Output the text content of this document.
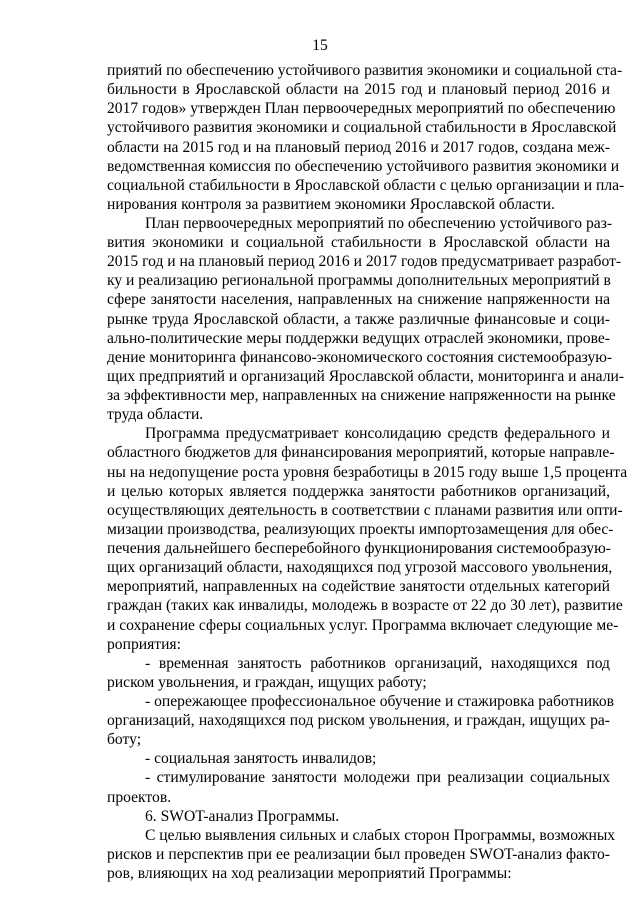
15
приятий по обеспечению устойчивого развития экономики и социальной ста-
бильности в Ярославской области на 2015 год и плановый период 2016 и
2017 годов» утвержден План первоочередных мероприятий по обеспечению
устойчивого развития экономики и социальной стабильности в Ярославской
области на 2015 год и на плановый период 2016 и 2017 годов, создана меж-
ведомственная комиссия по обеспечению устойчивого развития экономики и
социальной стабильности в Ярославской области с целью организации и пла-
нирования контроля за развитием экономики Ярославской области.
План первоочередных мероприятий по обеспечению устойчивого раз-
вития экономики и социальной стабильности в Ярославской области на
2015 год и на плановый период 2016 и 2017 годов предусматривает разработ-
ку и реализацию региональной программы дополнительных мероприятий в
сфере занятости населения, направленных на снижение напряженности на
рынке труда Ярославской области, а также различные финансовые и соци-
ально-политические меры поддержки ведущих отраслей экономики, прове-
дение мониторинга финансово-экономического состояния системообразую-
щих предприятий и организаций Ярославской области, мониторинга и анали-
за эффективности мер, направленных на снижение напряженности на рынке
труда области.
Программа предусматривает консолидацию средств федерального и
областного бюджетов для финансирования мероприятий, которые направле-
ны на недопущение роста уровня безработицы в 2015 году выше 1,5 процента
и целью которых является поддержка занятости работников организаций,
осуществляющих деятельность в соответствии с планами развития или опти-
мизации производства, реализующих проекты импортозамещения для обес-
печения дальнейшего бесперебойного функционирования системообразую-
щих организаций области, находящихся под угрозой массового увольнения,
мероприятий, направленных на содействие занятости отдельных категорий
граждан (таких как инвалиды, молодежь в возрасте от 22 до 30 лет), развитие
и сохранение сферы социальных услуг. Программа включает следующие ме-
роприятия:
- временная занятость работников организаций, находящихся под
риском увольнения, и граждан, ищущих работу;
- опережающее профессиональное обучение и стажировка работников
организаций, находящихся под риском увольнения, и граждан, ищущих ра-
боту;
- социальная занятость инвалидов;
- стимулирование занятости молодежи при реализации социальных
проектов.
6. SWOT-анализ Программы.
С целью выявления сильных и слабых сторон Программы, возможных
рисков и перспектив при ее реализации был проведен SWOT-анализ факто-
ров, влияющих на ход реализации мероприятий Программы:
